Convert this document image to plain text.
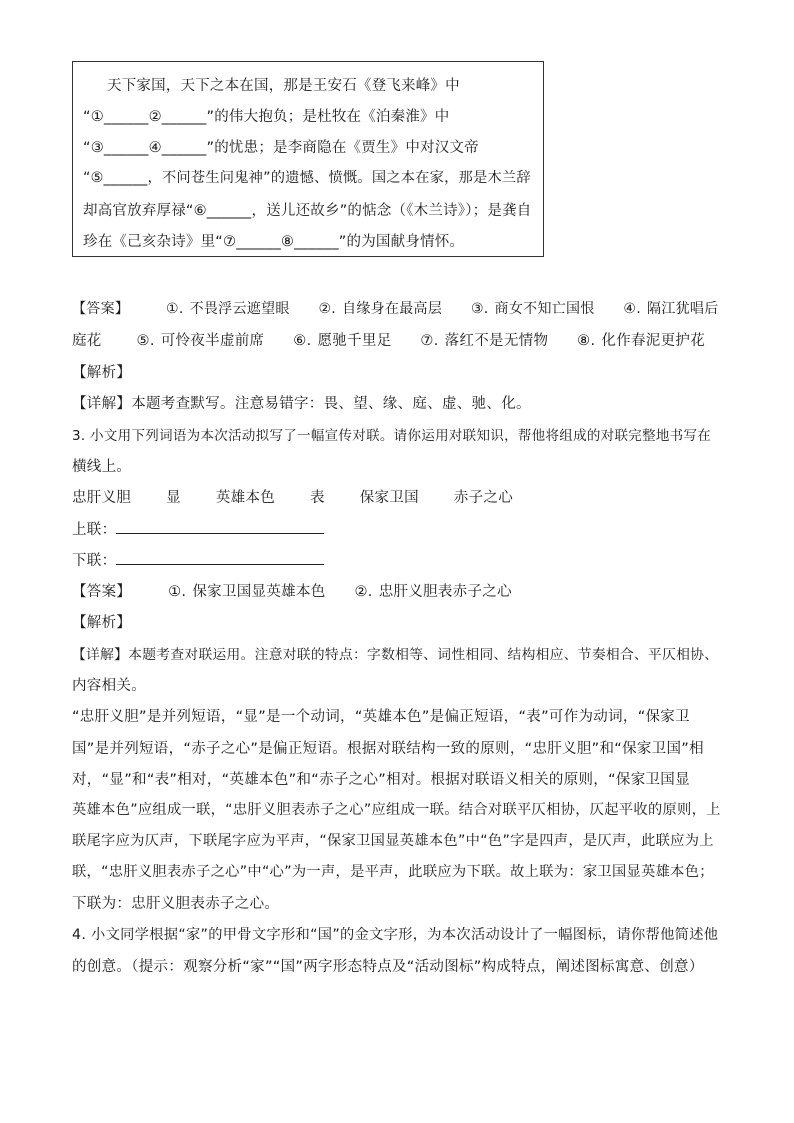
天下家国，天下之本在国，那是王安石《登飞来峰》中
“①______②______”的伟大抱负；是杜牧在《泊秦淮》中
“③______④______”的忧患；是李商隐在《贾生》中对汉文帝
“⑤______，不问苍生问鬼神”的遗憾、愤慨。国之本在家，那是木兰辞
却高官放弃厚禄“⑥______，送儿还故乡”的惦念（《木兰诗》）；是龚自
珍在《己亥杂诗》里“⑦______⑧______”的为国献身情怀。
【答案】	①. 不畏浮云遮望眼 ②. 自缘身在最高层 ③. 商女不知亡国恨 ④. 隔江犹唱后
庭花 ⑤. 可怜夜半虚前席 ⑥. 愿驰千里足 ⑦. 落红不是无情物 ⑧. 化作春泥更护花
【解析】
【详解】本题考查默写。注意易错字：畏、望、缘、庭、虚、驰、化。
3. 小文用下列词语为本次活动拟写了一幅宣传对联。请你运用对联知识，帮他将组成的对联完整地书写在
横线上。
忠肝义胆 显 英雄本色 表 保家卫国 赤子之心
上联：
下联：
【答案】	①. 保家卫国显英雄本色 ②. 忠肝义胆表赤子之心
【解析】
【详解】本题考查对联运用。注意对联的特点：字数相等、词性相同、结构相应、节奏相合、平仄相协、
内容相关。
“忠肝义胆”是并列短语，“显”是一个动词，“英雄本色”是偏正短语，“表”可作为动词，“保家卫
国”是并列短语，“赤子之心”是偏正短语。根据对联结构一致的原则，“忠肝义胆”和“保家卫国”相
对，“显”和“表”相对，“英雄本色”和“赤子之心”相对。根据对联语义相关的原则，“保家卫国显
英雄本色”应组成一联，“忠肝义胆表赤子之心”应组成一联。结合对联平仄相协，仄起平收的原则，上
联尾字应为仄声，下联尾字应为平声，“保家卫国显英雄本色”中“色”字是四声，是仄声，此联应为上
联，“忠肝义胆表赤子之心”中“心”为一声，是平声，此联应为下联。故上联为：家卫国显英雄本色；
下联为：忠肝义胆表赤子之心。
4. 小文同学根据“家”的甲骨文字形和“国”的金文字形，为本次活动设计了一幅图标，请你帮他简述他
的创意。（提示：观察分析“家”“国”两字形态特点及“活动图标”构成特点，阐述图标寓意、创意）
